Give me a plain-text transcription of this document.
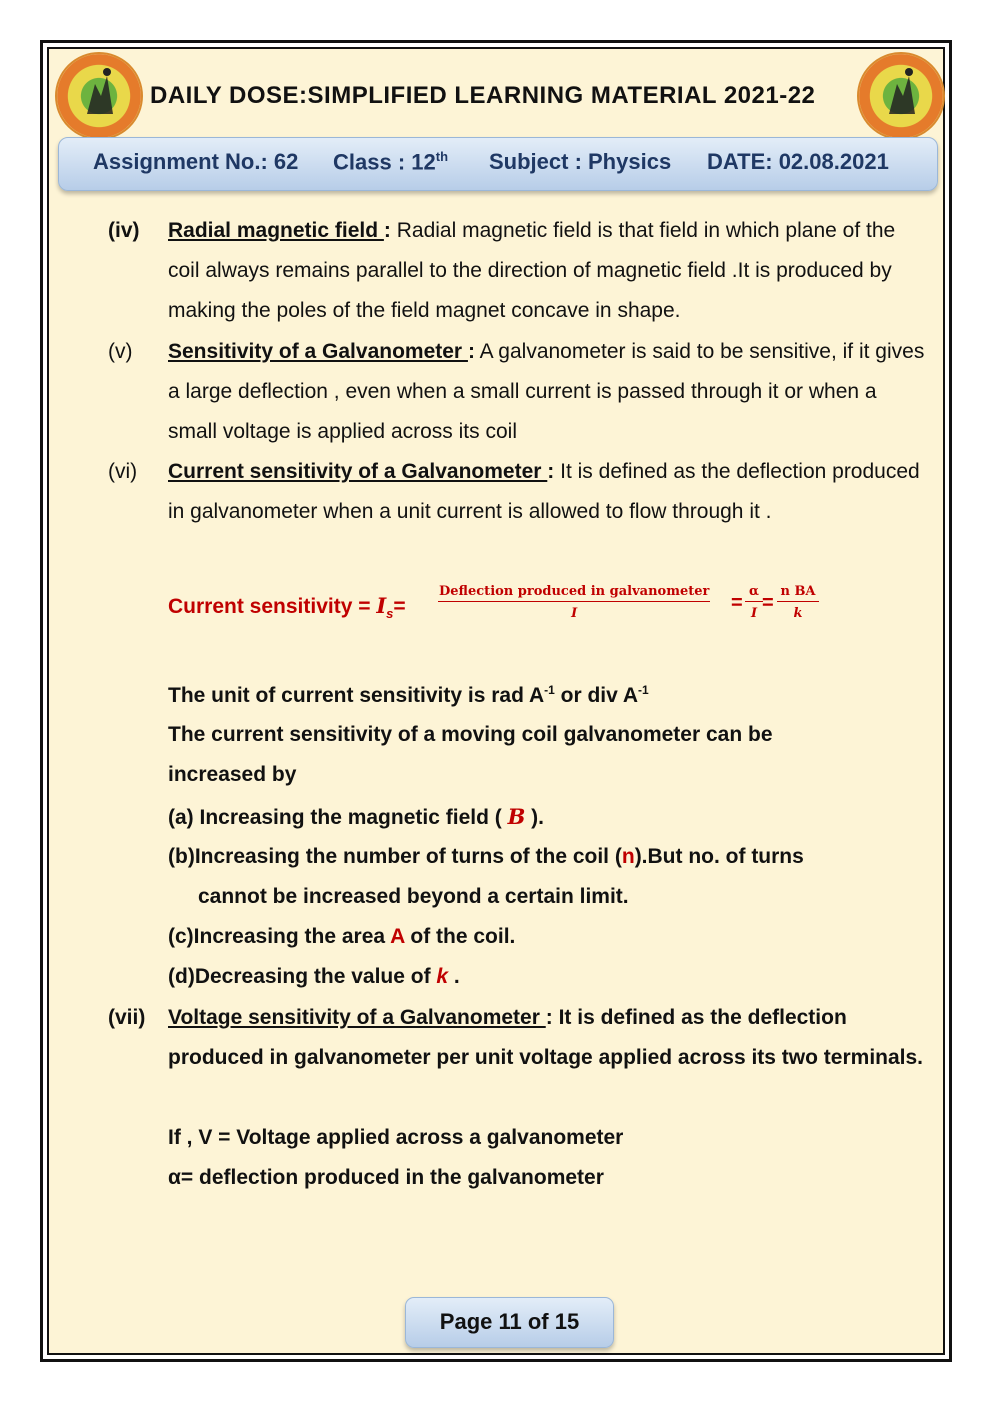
DAILY DOSE:SIMPLIFIED LEARNING MATERIAL 2021-22
Assignment No.: 62 Class : 12th Subject : Physics DATE: 02.08.2021
(iv) Radial magnetic field : Radial magnetic field is that field in which plane of the coil always remains parallel to the direction of magnetic field .It is produced by making the poles of the field magnet concave in shape.
(v) Sensitivity of a Galvanometer : A galvanometer is said to be sensitive, if it gives a large deflection , even when a small current is passed through it or when a small voltage is applied across its coil
(vi) Current sensitivity of a Galvanometer : It is defined as the deflection produced in galvanometer when a unit current is allowed to flow through it .
Current sensitivity = $I_s=$
Deflection produced in galvanometer
I	= $\frac{\alpha}{I} = \frac{\text{n BA}}{k}$
The unit of current sensitivity is rad $A^{-1}$ or div $A^{-1}$
The current sensitivity of a moving coil galvanometer can be
increased by
(a) Increasing the magnetic field ( B ).
(b)Increasing the number of turns of the coil (n).But no. of turns
cannot be increased beyond a certain limit.
(c)Increasing the area A of the coil.
(d)Decreasing the value of k .
(vii) Voltage sensitivity of a Galvanometer : It is defined as the deflection produced in galvanometer per unit voltage applied across its two terminals.
If , V = Voltage applied across a galvanometer
α= deflection produced in the galvanometer
Page 11 of 15
